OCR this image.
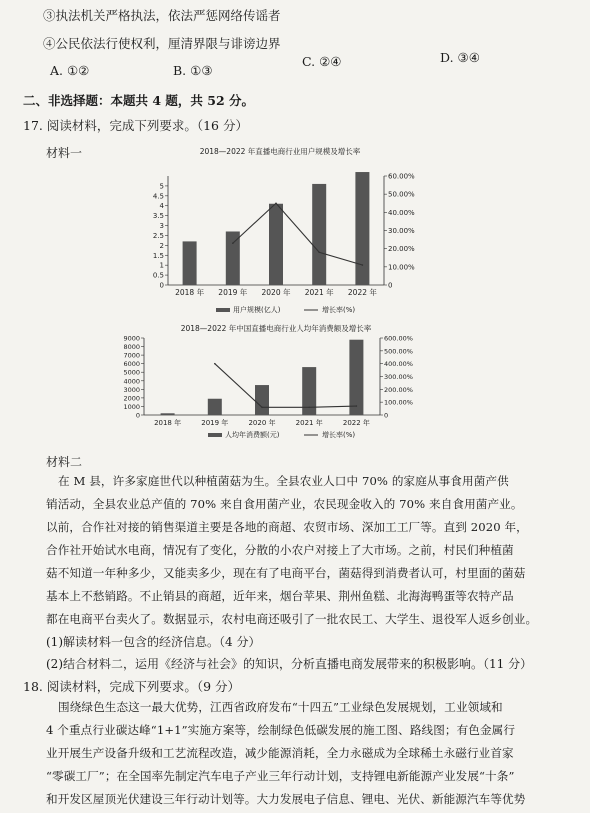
③执法机关严格执法，依法严惩网络传谣者
④公民依法行使权利，厘清界限与诽谤边界
A. ①②	B. ①③
C. ②④	D. ③④
二、非选择题：本题共 4 题，共 52 分。
17. 阅读材料，完成下列要求。（16 分）
材料一	2018—2022 年直播电商行业用户规模及增长率
0
0.5
1
1.5
2
2.5
3
3.5
4
4.5
5
0
10.00%
20.00%
30.00%
40.00%
50.00%
60.00%
2018 年 2019 年 2020 年 2021 年 2022 年
用户规模(亿人)	增长率(%)
2018—2022 年中国直播电商行业人均年消费额及增长率
0
1000
2000
3000
4000
5000
6000
7000
8000
9000
0
100.00%
200.00%
300.00%
400.00%
500.00%
600.00%
2018 年	2019 年	2020 年	2021 年	2022 年
人均年消费额(元)	增长率(%)
材料二
在 M 县，许多家庭世代以种植菌菇为生。全县农业人口中 70% 的家庭从事食用菌产供
销活动，全县农业总产值的 70% 来自食用菌产业，农民现金收入的 70% 来自食用菌产业。
以前，合作社对接的销售渠道主要是各地的商超、农贸市场、深加工工厂等。直到 2020 年，
合作社开始试水电商，情况有了变化，分散的小农户对接上了大市场。之前，村民们种植菌
菇不知道一年种多少，又能卖多少，现在有了电商平台，菌菇得到消费者认可，村里面的菌菇
基本上不愁销路。不止销县的商超，近年来，烟台苹果、荆州鱼糕、北海海鸭蛋等农特产品
都在电商平台卖火了。数据显示，农村电商还吸引了一批农民工、大学生、退役军人返乡创业。
(1)解读材料一包含的经济信息。（4 分）
(2)结合材料二，运用《经济与社会》的知识，分析直播电商发展带来的积极影响。（11 分）
18. 阅读材料，完成下列要求。（9 分）
围绕绿色生态这一最大优势，江西省政府发布“十四五”工业绿色发展规划，工业领域和
4 个重点行业碳达峰“1+1”实施方案等，绘制绿色低碳发展的施工图、路线图；有色金属行
业开展生产设备升级和工艺流程改造，减少能源消耗，全力永磁成为全球稀土永磁行业首家
“零碳工厂”；在全国率先制定汽车电子产业三年行动计划，支持锂电新能源产业发展“十条”
和开发区屋顶光伏建设三年行动计划等。大力发展电子信息、锂电、光伏、新能源汽车等优势
